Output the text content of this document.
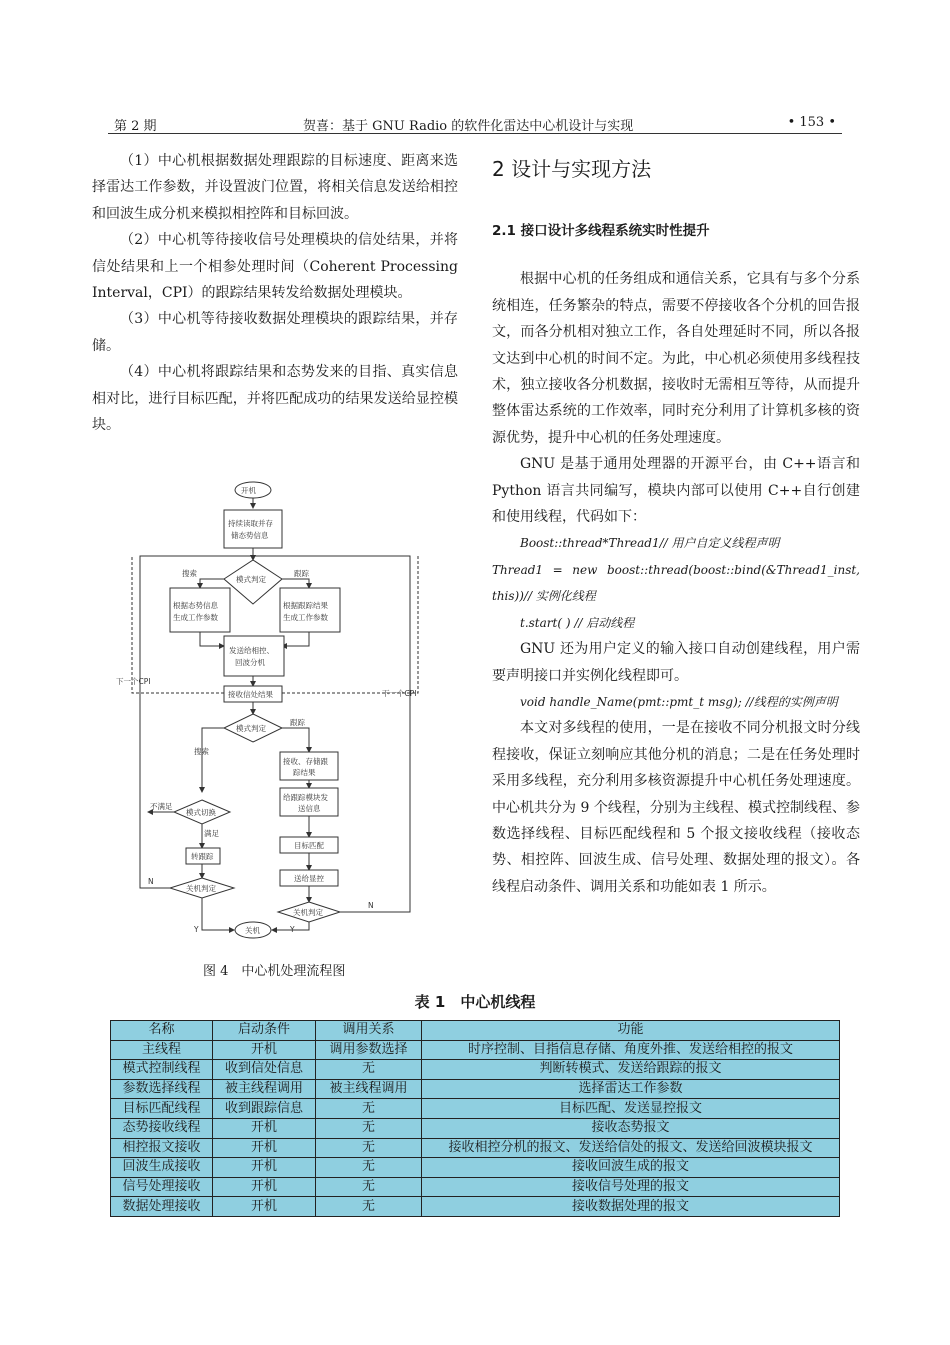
第 2 期	贺喜：基于 GNU Radio 的软件化雷达中心机设计与实现	• 153 •

（1）中心机根据数据处理跟踪的目标速度、距离来选择雷达工作参数，并设置波门位置，将相关信息发送给相控和回波生成分机来模拟相控阵和目标回波。

（2）中心机等待接收信号处理模块的信处结果，并将信处结果和上一个相参处理时间（Coherent Processing Interval，CPI）的跟踪结果转发给数据处理模块。

（3）中心机等待接收数据处理模块的跟踪结果，并存储。

（4）中心机将跟踪结果和态势发来的目指、真实信息相对比，进行目标匹配，并将匹配成功的结果发送给显控模块。

开机
持续读取并存
储态势信息
模式判定
搜索	跟踪
根据态势信息
生成工作参数
根据跟踪结果
生成工作参数
发送给相控、
回波分机
下一个CPI
下一个CPI
接收信处结果
模式判定
跟踪
搜索
接收、存储跟
踪结果
给跟踪模块发
送信息
目标匹配
送给显控
不满足
模式切换
满足
转跟踪
N
N
关机判定
关机判定
Y	Y
关机
图 4　中心机处理流程图

2 设计与实现方法

2.1 接口设计多线程系统实时性提升

根据中心机的任务组成和通信关系，它具有与多个分系统相连，任务繁杂的特点，需要不停接收各个分机的回告报文，而各分机相对独立工作，各自处理延时不同，所以各报文达到中心机的时间不定。为此，中心机必须使用多线程技术，独立接收各分机数据，接收时无需相互等待，从而提升整体雷达系统的工作效率，同时充分利用了计算机多核的资源优势，提升中心机的任务处理速度。

GNU 是基于通用处理器的开源平台，由 C++语言和 Python 语言共同编写，模块内部可以使用 C++自行创建和使用线程，代码如下：

Boost::thread*Thread1// 用户自定义线程声明

Thread1 = new boost::thread(boost::bind(&Thread1_inst, this))// 实例化线程

t.start( ) // 启动线程

GNU 还为用户定义的输入接口自动创建线程，用户需要声明接口并实例化线程即可。

void handle_Name(pmt::pmt_t msg); //线程的实例声明

本文对多线程的使用，一是在接收不同分机报文时分线程接收，保证立刻响应其他分机的消息；二是在任务处理时采用多线程，充分利用多核资源提升中心机任务处理速度。中心机共分为 9 个线程，分别为主线程、模式控制线程、参数选择线程、目标匹配线程和 5 个报文接收线程（接收态势、相控阵、回波生成、信号处理、数据处理的报文）。各线程启动条件、调用关系和功能如表 1 所示。

表 1　中心机线程
名称	启动条件	调用关系	功能
主线程	开机	调用参数选择	时序控制、目指信息存储、角度外推、发送给相控的报文
模式控制线程	收到信处信息	无	判断转模式、发送给跟踪的报文
参数选择线程	被主线程调用	被主线程调用	选择雷达工作参数
目标匹配线程	收到跟踪信息	无	目标匹配、发送显控报文
态势接收线程	开机	无	接收态势报文
相控报文接收	开机	无	接收相控分机的报文、发送给信处的报文、发送给回波模块报文
回波生成接收	开机	无	接收回波生成的报文
信号处理接收	开机	无	接收信号处理的报文
数据处理接收	开机	无	接收数据处理的报文
